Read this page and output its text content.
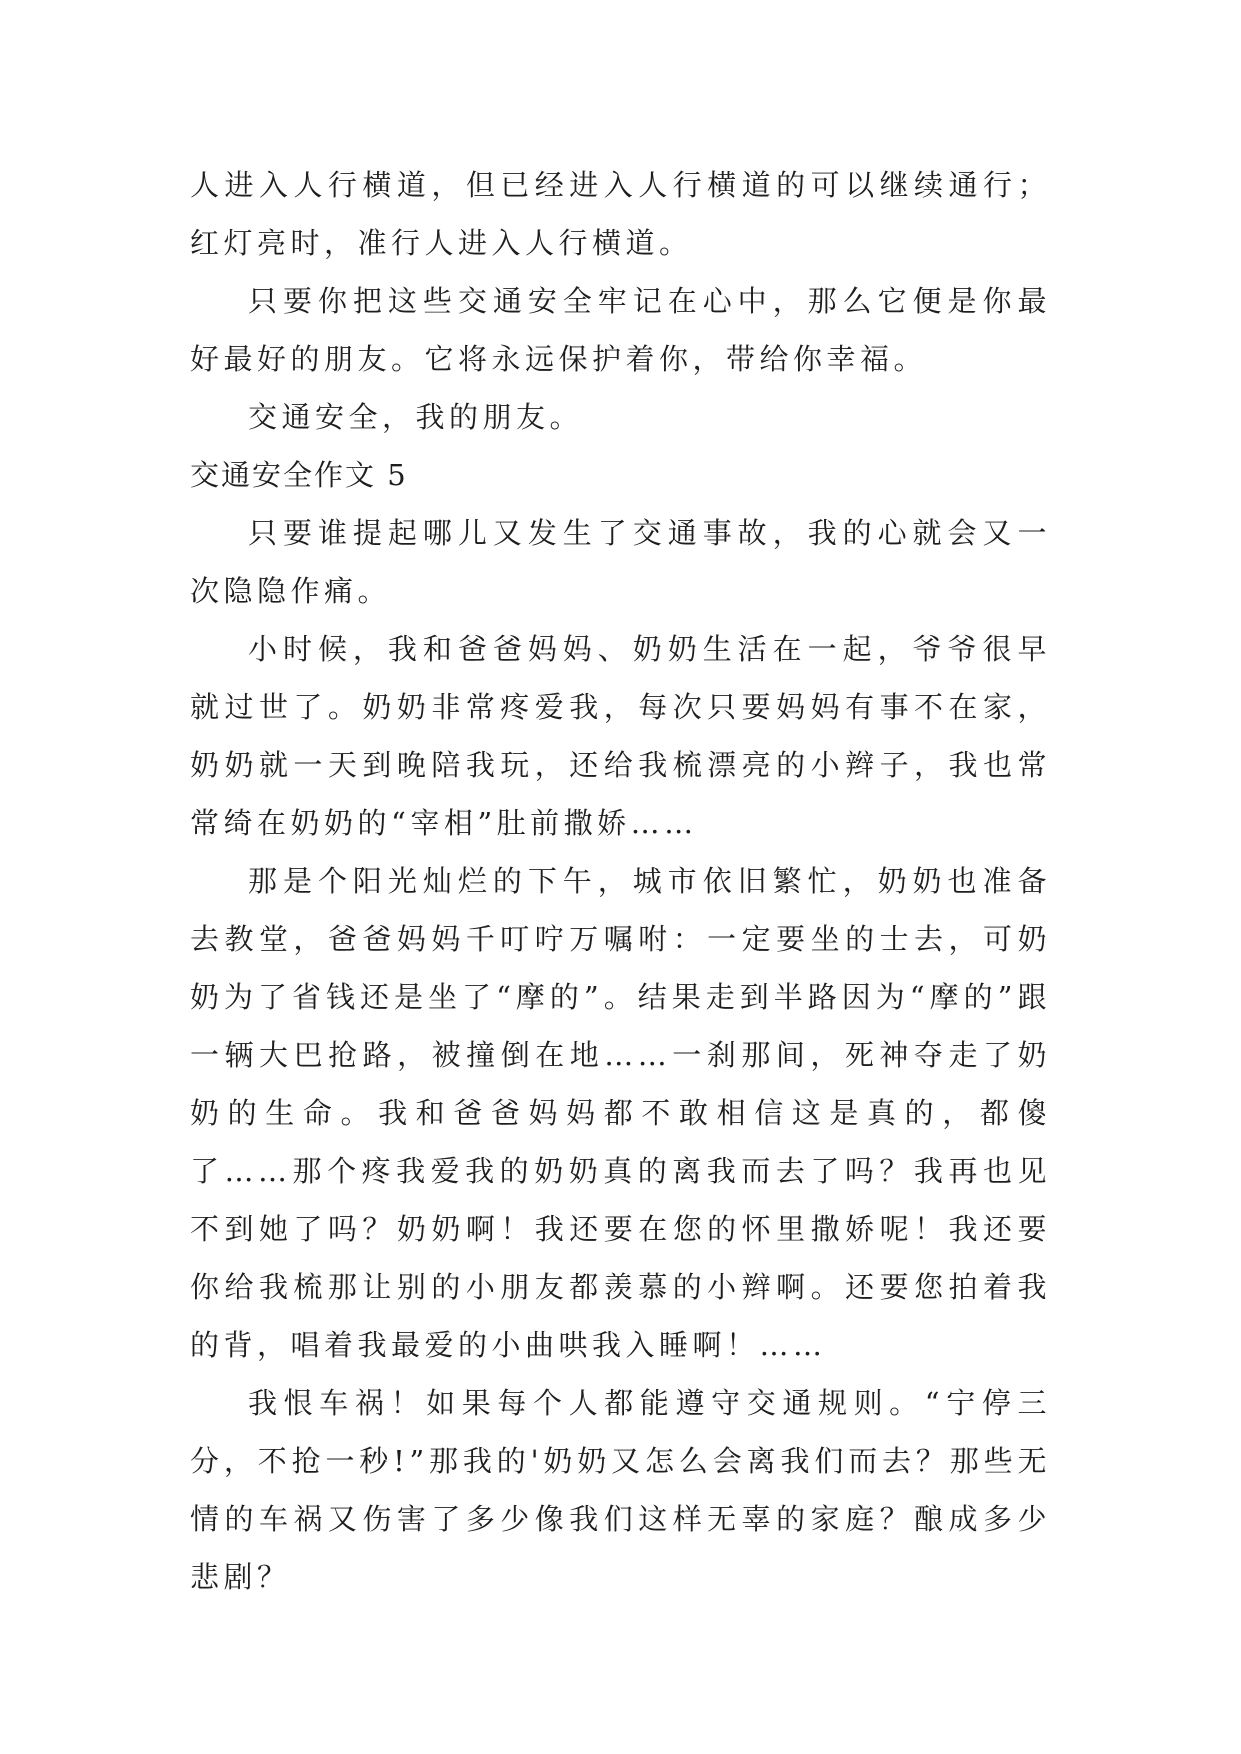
人进入人行横道，但已经进入人行横道的可以继续通行；红灯亮时，准行人进入人行横道。

只要你把这些交通安全牢记在心中，那么它便是你最好最好的朋友。它将永远保护着你，带给你幸福。

交通安全，我的朋友。

交通安全作文 5

只要谁提起哪儿又发生了交通事故，我的心就会又一次隐隐作痛。

小时候，我和爸爸妈妈、奶奶生活在一起，爷爷很早就过世了。奶奶非常疼爱我，每次只要妈妈有事不在家，奶奶就一天到晚陪我玩，还给我梳漂亮的小辫子，我也常常绮在奶奶的“宰相”肚前撒娇……

那是个阳光灿烂的下午，城市依旧繁忙，奶奶也准备去教堂，爸爸妈妈千叮咛万嘱咐：一定要坐的士去，可奶奶为了省钱还是坐了“摩的”。结果走到半路因为“摩的”跟一辆大巴抢路，被撞倒在地……一刹那间，死神夺走了奶奶的生命。我和爸爸妈妈都不敢相信这是真的，都傻了……那个疼我爱我的奶奶真的离我而去了吗？我再也见不到她了吗？奶奶啊！我还要在您的怀里撒娇呢！我还要你给我梳那让别的小朋友都羡慕的小辫啊。还要您拍着我的背，唱着我最爱的小曲哄我入睡啊！……

我恨车祸！如果每个人都能遵守交通规则。“宁停三分，不抢一秒!”那我的'奶奶又怎么会离我们而去？那些无情的车祸又伤害了多少像我们这样无辜的家庭？酿成多少悲剧？
